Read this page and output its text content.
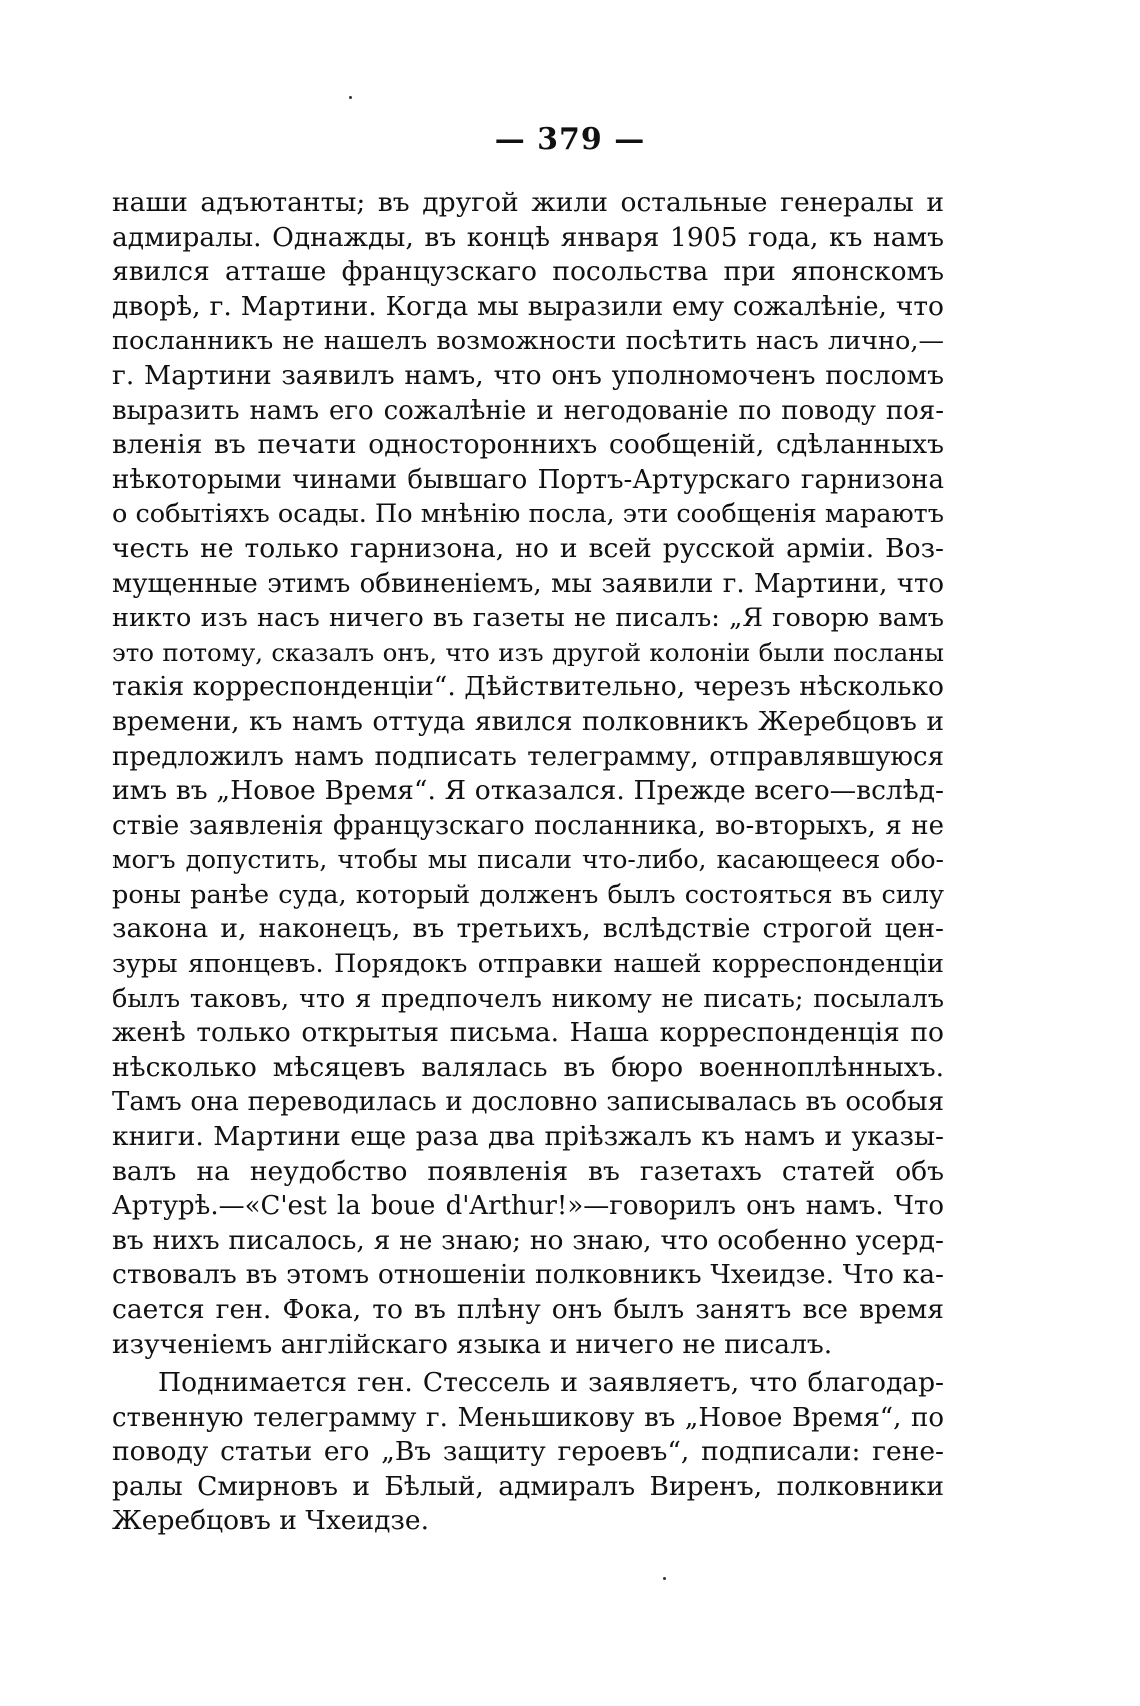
— 379 —
наши адъютанты; въ другой жили остальные генералы и
адмиралы. Однажды, въ концѣ января 1905 года, къ намъ
явился атташе французскаго посольства при японскомъ
дворѣ, г. Мартини. Когда мы выразили ему сожалѣніе, что
посланникъ не нашелъ возможности посѣтить насъ лично,—
г. Мартини заявилъ намъ, что онъ уполномоченъ посломъ
выразить намъ его сожалѣніе и негодованіе по поводу поя-
вленія въ печати одностороннихъ сообщеній, сдѣланныхъ
нѣкоторыми чинами бывшаго Портъ-Артурскаго гарнизона
о событіяхъ осады. По мнѣнію посла, эти сообщенія мараютъ
честь не только гарнизона, но и всей русской арміи. Воз-
мущенные этимъ обвиненіемъ, мы заявили г. Мартини, что
никто изъ насъ ничего въ газеты не писалъ: „Я говорю вамъ
это потому, сказалъ онъ, что изъ другой колоніи были посланы
такія корреспонденціи“. Дѣйствительно, черезъ нѣсколько
времени, къ намъ оттуда явился полковникъ Жеребцовъ и
предложилъ намъ подписать телеграмму, отправлявшуюся
имъ въ „Новое Время“. Я отказался. Прежде всего—вслѣд-
ствіе заявленія французскаго посланника, во-вторыхъ, я не
могъ допустить, чтобы мы писали что-либо, касающееся обо-
роны ранѣе суда, который долженъ былъ состояться въ силу
закона и, наконецъ, въ третьихъ, вслѣдствіе строгой цен-
зуры японцевъ. Порядокъ отправки нашей корреспонденціи
былъ таковъ, что я предпочелъ никому не писать; посылалъ
женѣ только открытыя письма. Наша корреспонденція по
нѣсколько мѣсяцевъ валялась въ бюро военноплѣнныхъ.
Тамъ она переводилась и дословно записывалась въ особыя
книги. Мартини еще раза два пріѣзжалъ къ намъ и указы-
валъ на неудобство появленія въ газетахъ статей объ
Артурѣ.—«C'est la boue d'Arthur!»—говорилъ онъ намъ. Что
въ нихъ писалось, я не знаю; но знаю, что особенно усерд-
ствовалъ въ этомъ отношеніи полковникъ Чхеидзе. Что ка-
сается ген. Фока, то въ плѣну онъ былъ занятъ все время
изученіемъ англійскаго языка и ничего не писалъ.
Поднимается ген. Стессель и заявляетъ, что благодар-
ственную телеграмму г. Меньшикову въ „Новое Время“, по
поводу статьи его „Въ защиту героевъ“, подписали: гене-
ралы Смирновъ и Бѣлый, адмиралъ Виренъ, полковники
Жеребцовъ и Чхеидзе.
